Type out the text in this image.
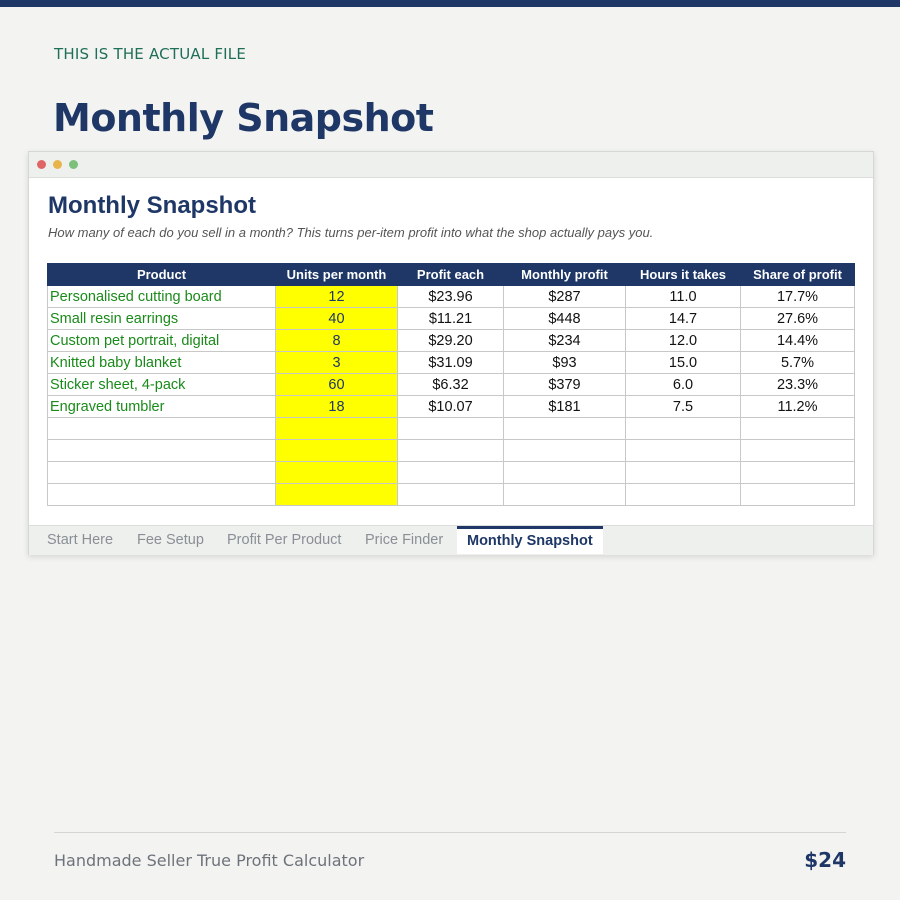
THIS IS THE ACTUAL FILE
Monthly Snapshot
Monthly Snapshot
How many of each do you sell in a month? This turns per-item profit into what the shop actually pays you.
Product	Units per month	Profit each	Monthly profit	Hours it takes	Share of profit
Personalised cutting board	12	$23.96	$287	11.0	17.7%
Small resin earrings	40	$11.21	$448	14.7	27.6%
Custom pet portrait, digital	8	$29.20	$234	12.0	14.4%
Knitted baby blanket	3	$31.09	$93	15.0	5.7%
Sticker sheet, 4-pack	60	$6.32	$379	6.0	23.3%
Engraved tumbler	18	$10.07	$181	7.5	11.2%

Start Here	Fee Setup	Profit Per Product	Price Finder	Monthly Snapshot
Handmade Seller True Profit Calculator	$24
